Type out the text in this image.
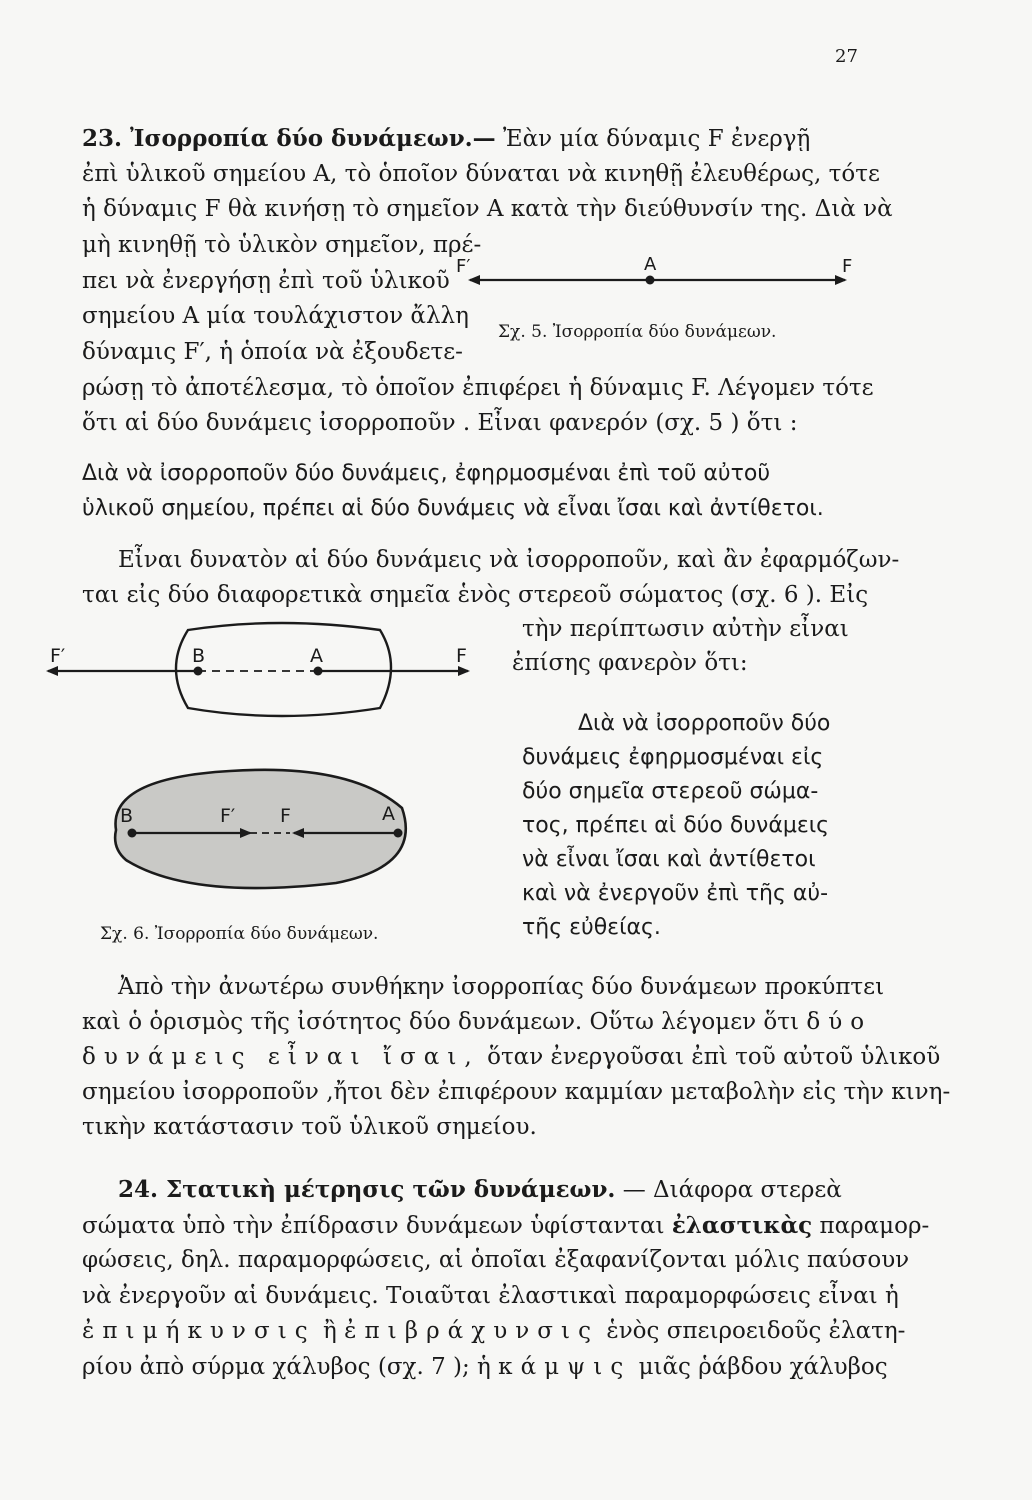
27
23. Ἰσορροπία δύο δυνάμεων.— Ἐὰν μία δύναμις F ἐνεργῇ
ἐπὶ ὑλικοῦ σημείου A, τὸ ὁποῖον δύναται νὰ κινηθῇ ἐλευθέρως, τότε
ἡ δύναμις F θὰ κινήσῃ τὸ σημεῖον A κατὰ τὴν διεύθυνσίν της. Διὰ νὰ
μὴ κινηθῇ τὸ ὑλικὸν σημεῖον, πρέ-
πει νὰ ἐνεργήσῃ ἐπὶ τοῦ ὑλικοῦ
σημείου A μία τουλάχιστον ἄλλη
δύναμις F′, ἡ ὁποία νὰ ἐξουδετε-
ρώσῃ τὸ ἀποτέλεσμα, τὸ ὁποῖον ἐπιφέρει ἡ δύναμις F. Λέγομεν τότε
ὅτι αἱ δύο δυνάμεις ἰσορροποῦν . Εἶναι φανερόν (σχ. 5 ) ὅτι :
F′	A	F
Σχ. 5. Ἰσορροπία δύο δυνάμεων.
Διὰ νὰ ἰσορροποῦν δύο δυνάμεις, ἐφηρμοσμέναι ἐπὶ τοῦ αὐτοῦ
ὑλικοῦ σημείου, πρέπει αἱ δύο δυνάμεις νὰ εἶναι ἴσαι καὶ ἀντίθετοι.
Εἶναι δυνατὸν αἱ δύο δυνάμεις νὰ ἰσορροποῦν, καὶ ἂν ἐφαρμόζων-
ται εἰς δύο διαφορετικὰ σημεῖα ἑνὸς στερεοῦ σώματος (σχ. 6 ). Εἰς
τὴν περίπτωσιν αὐτὴν εἶναι
ἐπίσης φανερὸν ὅτι:
F′	B	A	F
B	F′ F	A
Σχ. 6. Ἰσορροπία δύο δυνάμεων.
Διὰ νὰ ἰσορροποῦν δύο
δυνάμεις ἐφηρμοσμέναι εἰς
δύο σημεῖα στερεοῦ σώμα-
τος, πρέπει αἱ δύο δυνάμεις
νὰ εἶναι ἴσαι καὶ ἀντίθετοι
καὶ νὰ ἐνεργοῦν ἐπὶ τῆς αὐ-
τῆς εὐθείας.
Ἀπὸ τὴν ἀνωτέρω συνθήκην ἰσορροπίας δύο δυνάμεων προκύπτει
καὶ ὁ ὁρισμὸς τῆς ἰσότητος δύο δυνάμεων. Οὕτω λέγομεν ὅτι δύο
δυνάμεις εἶναι ἴσαι, ὅταν ἐνεργοῦσαι ἐπὶ τοῦ αὐτοῦ ὑλικοῦ
σημείου ἰσορροποῦν ,ἤτοι δὲν ἐπιφέρουν καμμίαν μεταβολὴν εἰς τὴν κινη-
τικὴν κατάστασιν τοῦ ὑλικοῦ σημείου.
24. Στατικὴ μέτρησις τῶν δυνάμεων. — Διάφορα στερεὰ
σώματα ὑπὸ τὴν ἐπίδρασιν δυνάμεων ὑφίστανται ἐλαστικὰς παραμορ-
φώσεις, δηλ. παραμορφώσεις, αἱ ὁποῖαι ἐξαφανίζονται μόλις παύσουν
νὰ ἐνεργοῦν αἱ δυνάμεις. Τοιαῦται ἐλαστικαὶ παραμορφώσεις εἶναι ἡ
ἐπιμήκυνσις ἢ ἐπιβράχυνσις ἑνὸς σπειροειδοῦς ἐλατη-
ρίου ἀπὸ σύρμα χάλυβος (σχ. 7 ); ἡ κάμψις μιᾶς ῥάβδου χάλυβος
